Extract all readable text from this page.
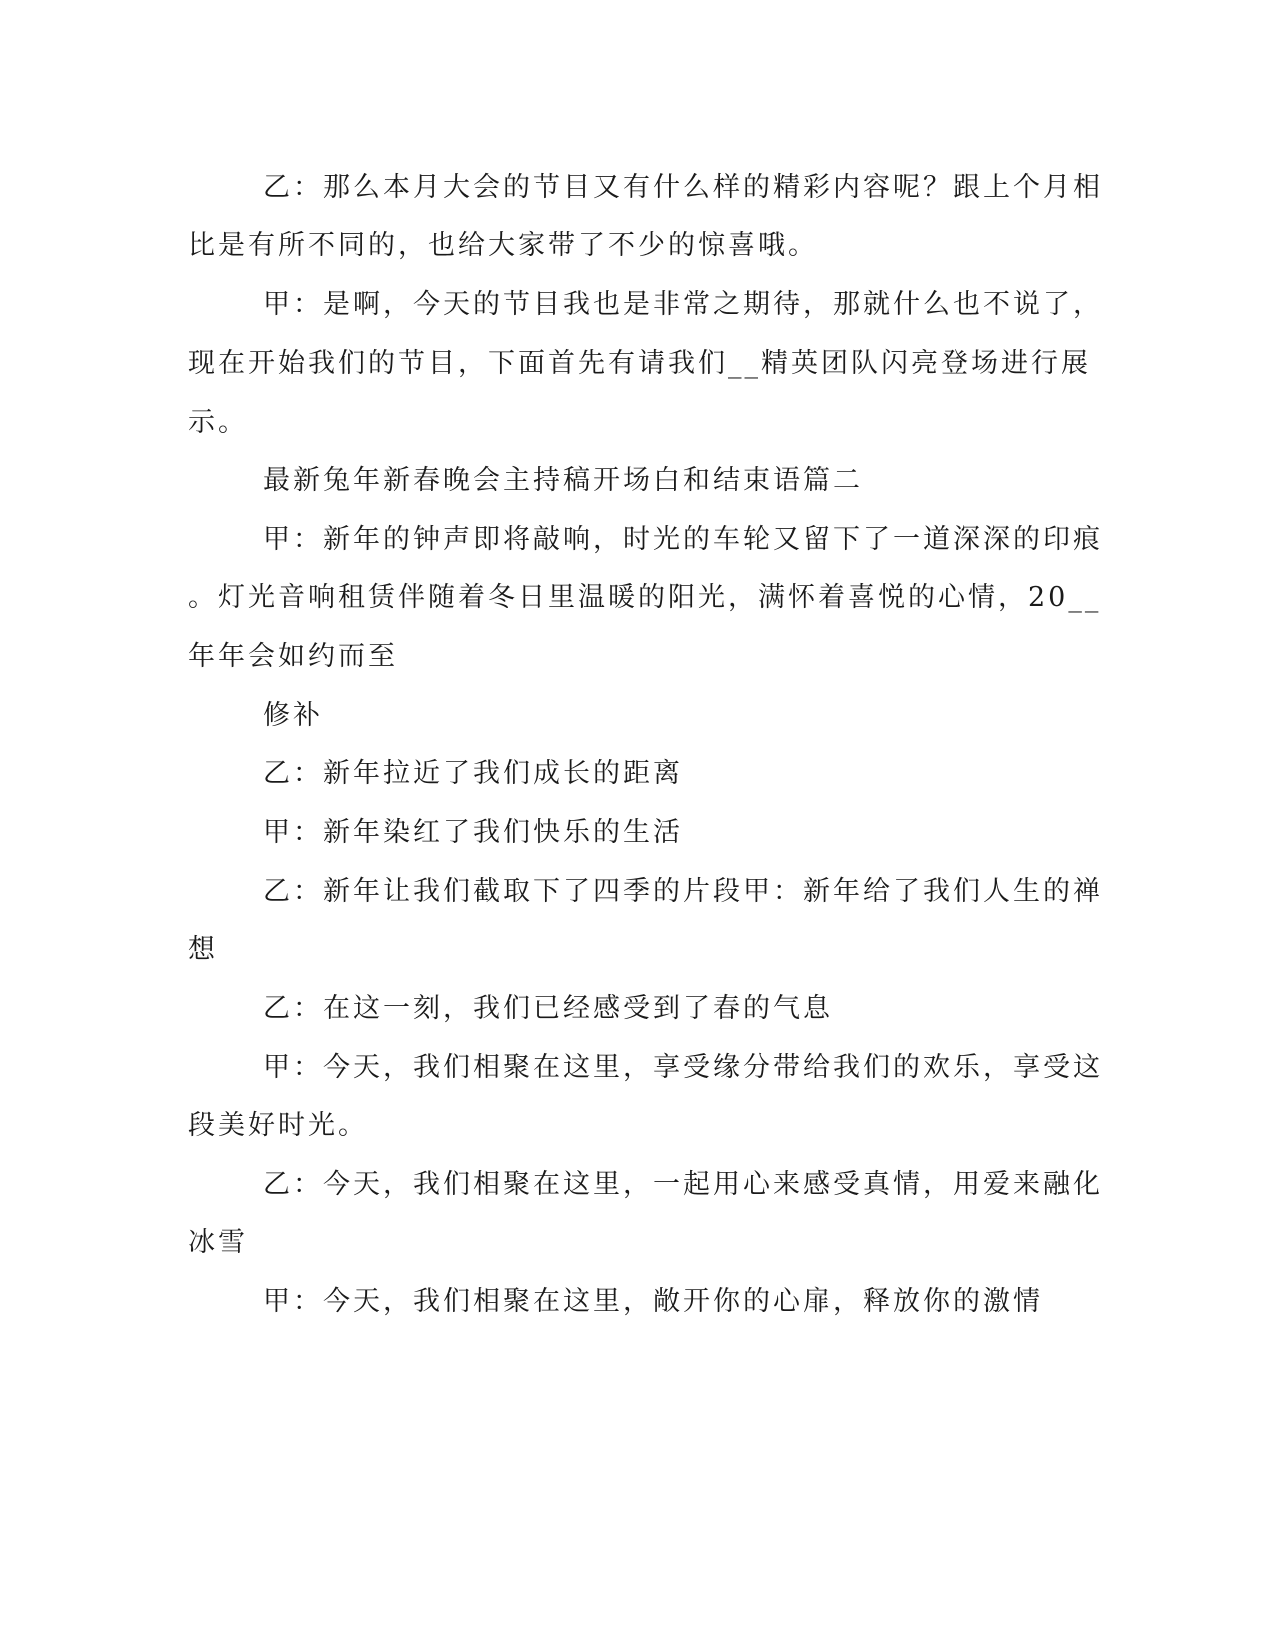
乙：那么本月大会的节目又有什么样的精彩内容呢？跟上个月相
比是有所不同的，也给大家带了不少的惊喜哦。
甲：是啊，今天的节目我也是非常之期待，那就什么也不说了，
现在开始我们的节目，下面首先有请我们__精英团队闪亮登场进行展
示。
最新兔年新春晚会主持稿开场白和结束语篇二
甲：新年的钟声即将敲响，时光的车轮又留下了一道深深的印痕
。灯光音响租赁伴随着冬日里温暖的阳光，满怀着喜悦的心情，20__
年年会如约而至
修补
乙：新年拉近了我们成长的距离
甲：新年染红了我们快乐的生活
乙：新年让我们截取下了四季的片段甲：新年给了我们人生的禅
想
乙：在这一刻，我们已经感受到了春的气息
甲：今天，我们相聚在这里，享受缘分带给我们的欢乐，享受这
段美好时光。
乙：今天，我们相聚在这里，一起用心来感受真情，用爱来融化
冰雪
甲：今天，我们相聚在这里，敞开你的心扉，释放你的激情
